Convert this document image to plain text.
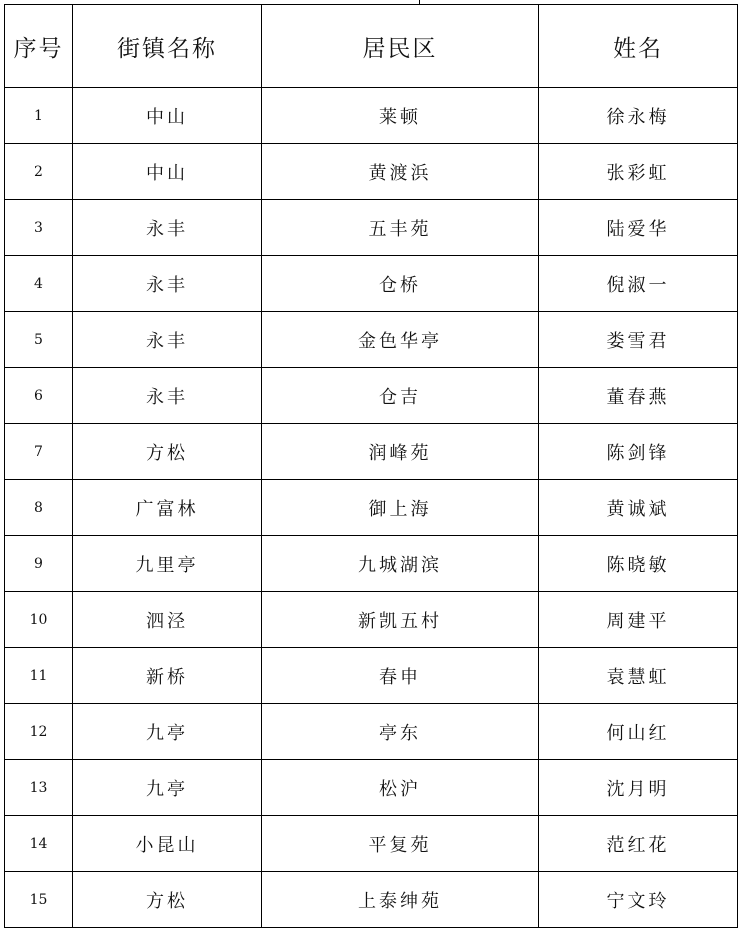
序号	街镇名称	居民区	姓名
1	中山	莱顿	徐永梅
2	中山	黄渡浜	张彩虹
3	永丰	五丰苑	陆爱华
4	永丰	仓桥	倪淑一
5	永丰	金色华亭	娄雪君
6	永丰	仓吉	董春燕
7	方松	润峰苑	陈剑锋
8	广富林	御上海	黄诚斌
9	九里亭	九城湖滨	陈晓敏
10	泗泾	新凯五村	周建平
11	新桥	春申	袁慧虹
12	九亭	亭东	何山红
13	九亭	松沪	沈月明
14	小昆山	平复苑	范红花
15	方松	上泰绅苑	宁文玲
